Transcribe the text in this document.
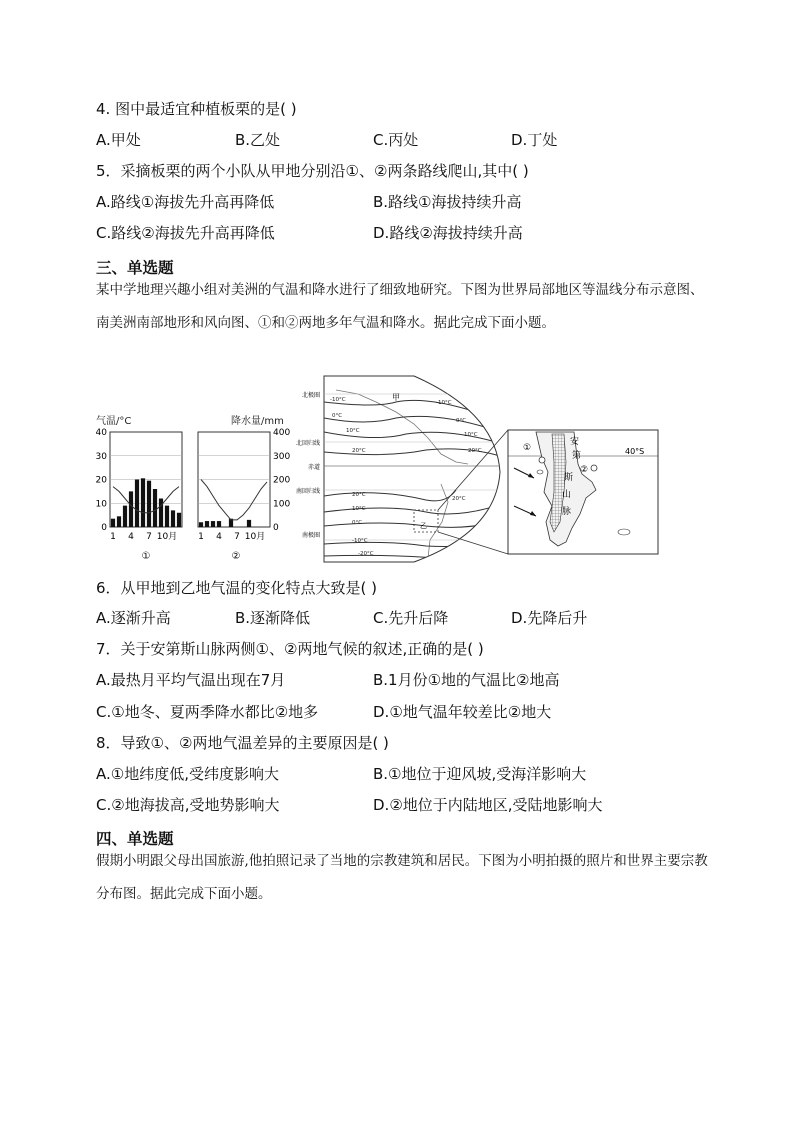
4. 图中最适宜种植板栗的是( )
A.甲处	B.乙处	C.丙处	D.丁处
5．采摘板栗的两个小队从甲地分别沿①、②两条路线爬山,其中( )
A.路线①海拔先升高再降低	B.路线①海拔持续升高
C.路线②海拔先升高再降低	D.路线②海拔持续升高
三、单选题
某中学地理兴趣小组对美洲的气温和降水进行了细致地研究。下图为世界局部地区等温线分布示意图、南美洲南部地形和风向图、①和②两地多年气温和降水。据此完成下面小题。
气温/°C
40
30
20
10
0
1 4 7 10月
①
降水量/mm
400
300
200
100
0
1 4 7 10月
②
北极圈
北回归线
赤道
南回归线
南极圈
-10°C
0°C
10°C
20°C
20°C
10°C
0°C
-10°C
-20°C
-10°C
0°C
10°C
20°C
20°C
甲
乙
40°S
①
②
安
第
斯
山
脉
6．从甲地到乙地气温的变化特点大致是( )
A.逐渐升高	B.逐渐降低	C.先升后降	D.先降后升
7．关于安第斯山脉两侧①、②两地气候的叙述,正确的是( )
A.最热月平均气温出现在7月	B.1月份①地的气温比②地高
C.①地冬、夏两季降水都比②地多	D.①地气温年较差比②地大
8．导致①、②两地气温差异的主要原因是( )
A.①地纬度低,受纬度影响大	B.①地位于迎风坡,受海洋影响大
C.②地海拔高,受地势影响大	D.②地位于内陆地区,受陆地影响大
四、单选题
假期小明跟父母出国旅游,他拍照记录了当地的宗教建筑和居民。下图为小明拍摄的照片和世界主要宗教分布图。据此完成下面小题。
